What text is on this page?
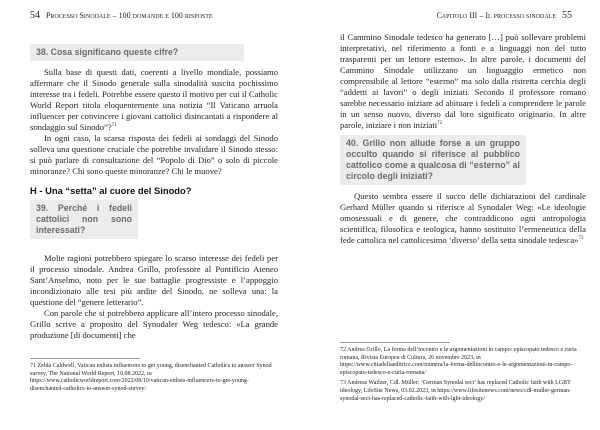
54 Processo Sinodale – 100 domande e 100 risposte
38. Cosa significano queste cifre?

Sulla base di questi dati, coerenti a livello mondiale, possiamo affermare che il Sinodo generale sulla sinodalità suscita pochissimo interesse tra i fedeli. Potrebbe essere questo il motivo per cui il Catholic World Report titola eloquentemente una notizia “Il Vaticano arruola influencer per convincere i giovani cattolici disincantati a rispondere al sondaggio sul Sinodo”?$^{71}$

In ogni caso, la scarsa risposta dei fedeli ai sondaggi del Sinodo solleva una questione cruciale che potrebbe invalidare il Sinodo stesso: si può parlare di consultazione del “Popolo di Dio” o solo di piccole minoranze? Chi sono queste minoranze? Chi le muove?

H - Una “setta” al cuore del Sinodo?
39. Perché i fedeli cattolici non sono interessati?

Molte ragioni potrebbero spiegare lo scarso interesse dei fedeli per il processo sinodale. Andrea Grillo, professore al Pontificio Ateneo Sant’Anselmo, noto per le sue battaglie progressiste e l’appoggio incondizionato alle tesi più ardite del Sinodo, ne solleva una: la questione del “genere letterario”.

Con parole che si potrebbero applicare all’intero processo sinodale, Grillo scrive a proposito del Synodaler Weg tedesco: «La grande produzione [di documenti] che

71 Zelda Caldwell, Vatican enlists influencers to get young, disenchanted Catholics to answer Synod survey, The National World Report, 10.08.2022, in https://www.catholicworldreport.com/2022/08/10/vatican-enlists-influencers-to-get-young-disenchanted-catholics-to-answer-synod-survey/
Capitolo III – Il processo sinodale 55

il Cammino Sinodale tedesco ha generato […] può sollevare problemi interpretativi, nel riferimento a fonti e a linguaggi non del tutto trasparenti per un lettore esterno». In altre parole, i documenti del Cammino Sinodale utilizzano un linguaggio ermetico non comprensibile al lettore “esterno” ma solo dalla ristretta cerchia degli “addetti ai lavori” o degli iniziati. Secondo il professore romano sarebbe necessario iniziare ad abituare i fedeli a comprendere le parole in un senso nuovo, diverso dal loro significato originario. In altre parole, iniziare i non iniziati$^{72}$

40. Grillo non allude forse a un gruppo occulto quando si riferisce al pubblico cattolico come a qualcosa di “esterno” al circolo degli iniziati?

Questo sembra essere il succo delle dichiarazioni del cardinale Gerhard Müller quando si riferisce al Synodaler Weg: «Le ideologie omosessuali e di genere, che contraddicono ogni antropologia scientifica, filosofica e teologica, hanno sostituito l’ermeneutica della fede cattolica nel cattolicesimo ‘diverso’ della setta sinodale tedesca»$^{73}$

72 Andrea Grillo, La forma dell’incontro e le argomentazioni in campo: episcopato tedesco e curia romana, Rivista Europea di Cultura, 26 novembre 2023, in https://www.cittadellaeditrice.com/munera/la-forma-dellincontro-e-le-argomentazioni-in-campo-episcopato-tedesco-e-curia-romana/
73 Andreas Wailzer, Cdl. Müller: ‘German Synodal sect’ has replaced Catholic faith with LGBT ideology, LifeSite News, 03.02.2023, in https://www.lifesitenews.com/news/cdl-muller-german-synodal-sect-has-replaced-catholic-faith-with-lgbt-ideology/
